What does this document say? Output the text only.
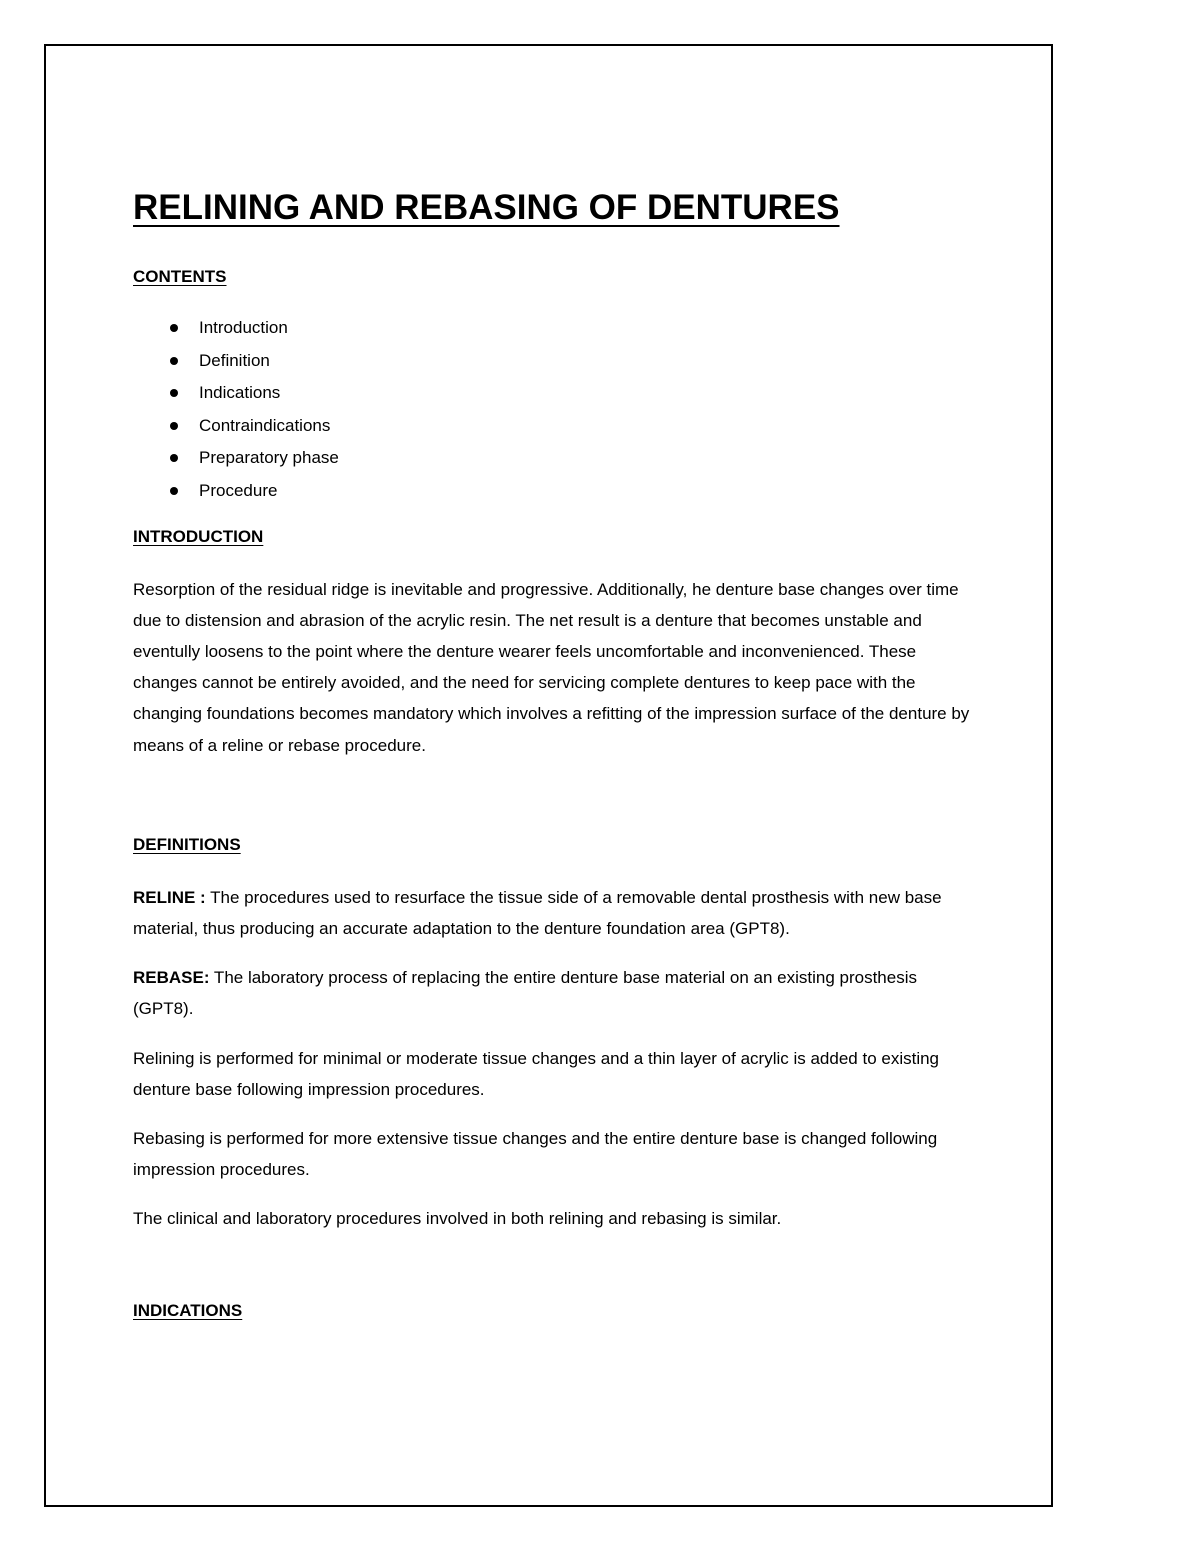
RELINING AND REBASING OF DENTURES
CONTENTS
Introduction
Definition
Indications
Contraindications
Preparatory phase
Procedure
INTRODUCTION

Resorption of the residual ridge is inevitable and progressive. Additionally, he denture base changes over time due to distension and abrasion of the acrylic resin. The net result is a denture that becomes unstable and eventully loosens to the point where the denture wearer feels uncomfortable and inconvenienced. These changes cannot be entirely avoided, and the need for servicing complete dentures to keep pace with the changing foundations becomes mandatory which involves a refitting of the impression surface of the denture by means of a reline or rebase procedure.

DEFINITIONS

RELINE : The procedures used to resurface the tissue side of a removable dental prosthesis with new base material, thus producing an accurate adaptation to the denture foundation area (GPT8).

REBASE: The laboratory process of replacing the entire denture base material on an existing prosthesis (GPT8).

Relining is performed for minimal or moderate tissue changes and a thin layer of acrylic is added to existing denture base following impression procedures.

Rebasing is performed for more extensive tissue changes and the entire denture base is changed following impression procedures.

The clinical and laboratory procedures involved in both relining and rebasing is similar.

INDICATIONS
